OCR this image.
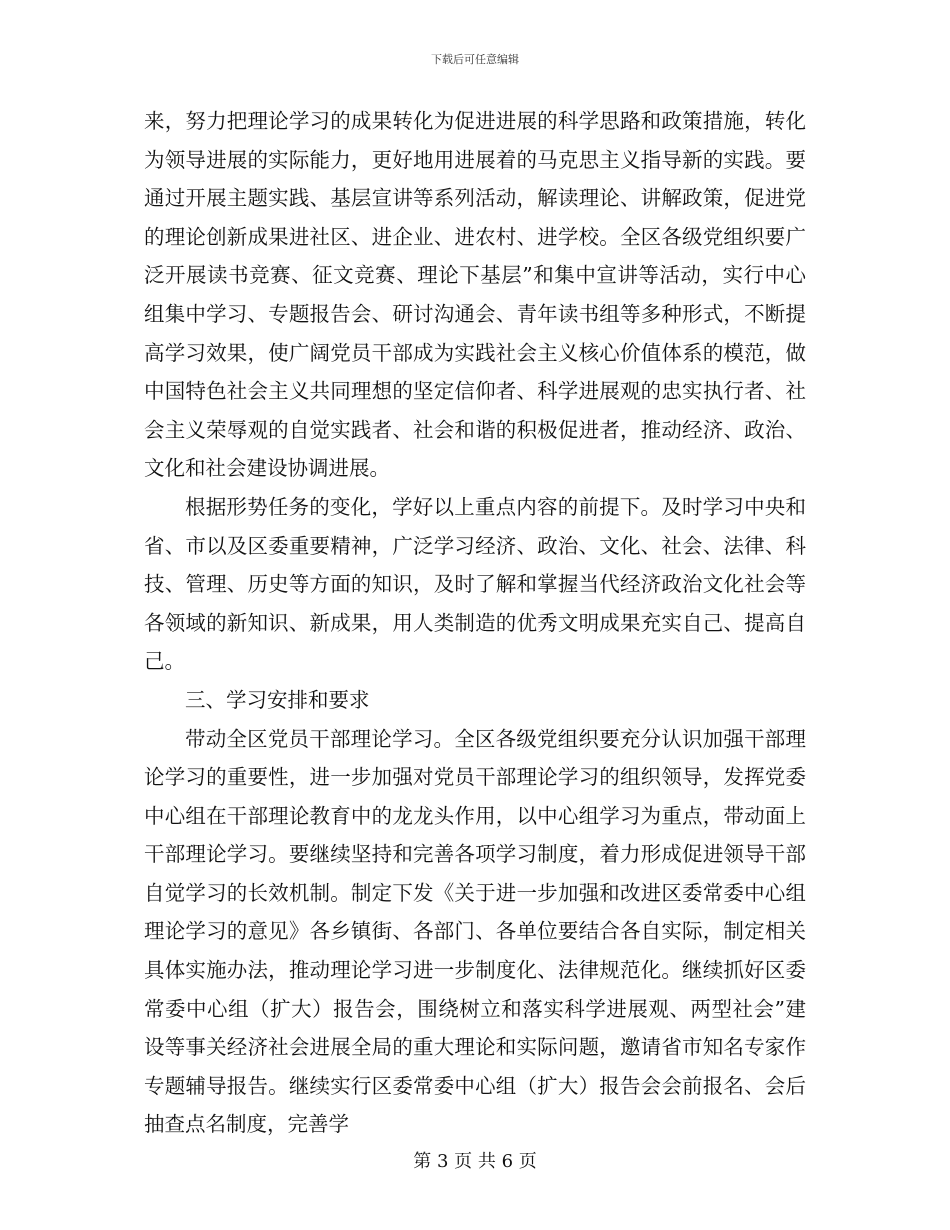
下载后可任意编辑

来，努力把理论学习的成果转化为促进进展的科学思路和政策措施，转化为领导进展的实际能力，更好地用进展着的马克思主义指导新的实践。要通过开展主题实践、基层宣讲等系列活动，解读理论、讲解政策，促进党的理论创新成果进社区、进企业、进农村、进学校。全区各级党组织要广泛开展读书竞赛、征文竞赛、理论下基层”和集中宣讲等活动，实行中心组集中学习、专题报告会、研讨沟通会、青年读书组等多种形式，不断提高学习效果，使广阔党员干部成为实践社会主义核心价值体系的模范，做中国特色社会主义共同理想的坚定信仰者、科学进展观的忠实执行者、社会主义荣辱观的自觉实践者、社会和谐的积极促进者，推动经济、政治、文化和社会建设协调进展。

根据形势任务的变化，学好以上重点内容的前提下。及时学习中央和省、市以及区委重要精神，广泛学习经济、政治、文化、社会、法律、科技、管理、历史等方面的知识，及时了解和掌握当代经济政治文化社会等各领域的新知识、新成果，用人类制造的优秀文明成果充实自己、提高自己。

三、学习安排和要求

带动全区党员干部理论学习。全区各级党组织要充分认识加强干部理论学习的重要性，进一步加强对党员干部理论学习的组织领导，发挥党委中心组在干部理论教育中的龙龙头作用，以中心组学习为重点，带动面上干部理论学习。要继续坚持和完善各项学习制度，着力形成促进领导干部自觉学习的长效机制。制定下发《关于进一步加强和改进区委常委中心组理论学习的意见》各乡镇街、各部门、各单位要结合各自实际，制定相关具体实施办法，推动理论学习进一步制度化、法律规范化。继续抓好区委常委中心组（扩大）报告会，围绕树立和落实科学进展观、两型社会”建设等事关经济社会进展全局的重大理论和实际问题，邀请省市知名专家作专题辅导报告。继续实行区委常委中心组（扩大）报告会会前报名、会后抽查点名制度，完善学

第 3 页 共 6 页
